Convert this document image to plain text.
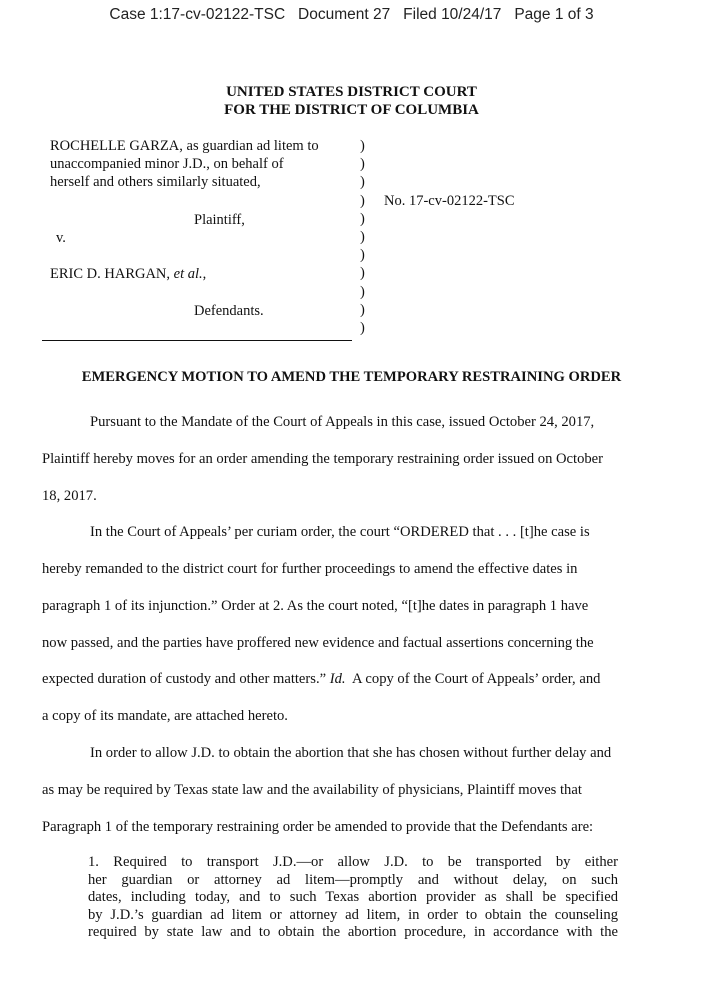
Case 1:17-cv-02122-TSC   Document 27   Filed 10/24/17   Page 1 of 3
UNITED STATES DISTRICT COURT
FOR THE DISTRICT OF COLUMBIA
ROCHELLE GARZA, as guardian ad litem to
unaccompanied minor J.D., on behalf of
herself and others similarly situated,
Plaintiff,
v.
ERIC D. HARGAN, et al.,
Defendants.
)
)
)
)
)
)
)
)
)
)
)
No. 17-cv-02122-TSC
EMERGENCY MOTION TO AMEND THE TEMPORARY RESTRAINING ORDER
Pursuant to the Mandate of the Court of Appeals in this case, issued October 24, 2017,
Plaintiff hereby moves for an order amending the temporary restraining order issued on October
18, 2017.
In the Court of Appeals’ per curiam order, the court “ORDERED that . . . [t]he case is
hereby remanded to the district court for further proceedings to amend the effective dates in
paragraph 1 of its injunction.” Order at 2. As the court noted, “[t]he dates in paragraph 1 have
now passed, and the parties have proffered new evidence and factual assertions concerning the
expected duration of custody and other matters.” Id.  A copy of the Court of Appeals’ order, and
a copy of its mandate, are attached hereto.
In order to allow J.D. to obtain the abortion that she has chosen without further delay and
as may be required by Texas state law and the availability of physicians, Plaintiff moves that
Paragraph 1 of the temporary restraining order be amended to provide that the Defendants are:
1. Required to transport J.D.—or allow J.D. to be transported by either
her guardian or attorney ad litem—promptly and without delay, on such
dates, including today, and to such Texas abortion provider as shall be specified
by J.D.’s guardian ad litem or attorney ad litem, in order to obtain the counseling
required by state law and to obtain the abortion procedure, in accordance with the
